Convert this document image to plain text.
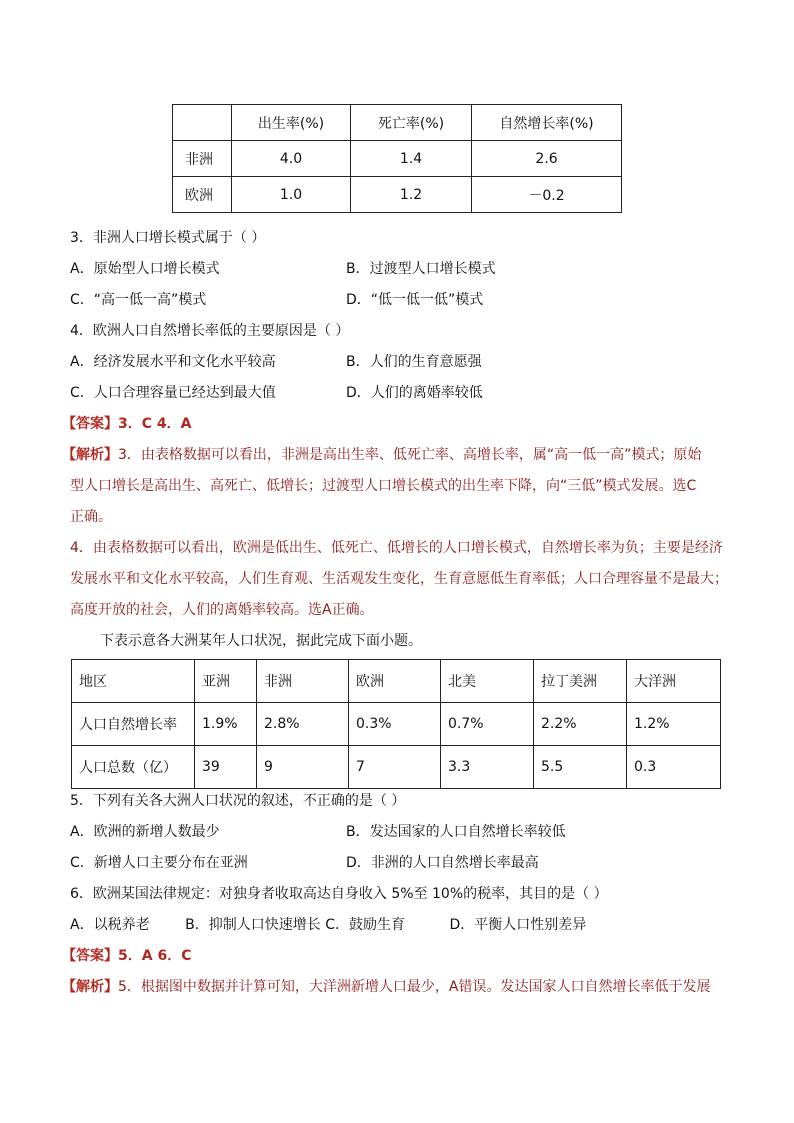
	出生率(%)	死亡率(%)	自然增长率(%)
非洲	4.0	1.4	2.6
欧洲	1.0	1.2	－0.2
3．非洲人口增长模式属于（ ）
A．原始型人口增长模式	B．过渡型人口增长模式
C．“高一低一高”模式	D．“低一低一低”模式
4．欧洲人口自然增长率低的主要原因是（ ）
A．经济发展水平和文化水平较高	B．人们的生育意愿强
C．人口合理容量已经达到最大值	D．人们的离婚率较低
【答案】3．C 4．A
【解析】3．由表格数据可以看出，非洲是高出生率、低死亡率、高增长率，属“高一低一高”模式；原始
型人口增长是高出生、高死亡、低增长；过渡型人口增长模式的出生率下降，向“三低”模式发展。选C
正确。
4．由表格数据可以看出，欧洲是低出生、低死亡、低增长的人口增长模式，自然增长率为负；主要是经济
发展水平和文化水平较高，人们生育观、生活观发生变化，生育意愿低生育率低；人口合理容量不是最大；
高度开放的社会，人们的离婚率较高。选A正确。
下表示意各大洲某年人口状况，据此完成下面小题。
地区	亚洲	非洲	欧洲	北美	拉丁美洲	大洋洲
人口自然增长率	1.9%	2.8%	0.3%	0.7%	2.2%	1.2%
人口总数（亿）	39	9	7	3.3	5.5	0.3
5．下列有关各大洲人口状况的叙述，不正确的是（ ）
A．欧洲的新增人数最少	B．发达国家的人口自然增长率较低
C．新增人口主要分布在亚洲	D．非洲的人口自然增长率最高
6．欧洲某国法律规定：对独身者收取高达自身收入 5%至 10%的税率，其目的是（ ）
A．以税养老        B．抑制人口快速增长 C．鼓励生育          D．平衡人口性别差异
【答案】5．A 6．C
【解析】5．根据图中数据并计算可知，大洋洲新增人口最少，A错误。发达国家人口自然增长率低于发展
